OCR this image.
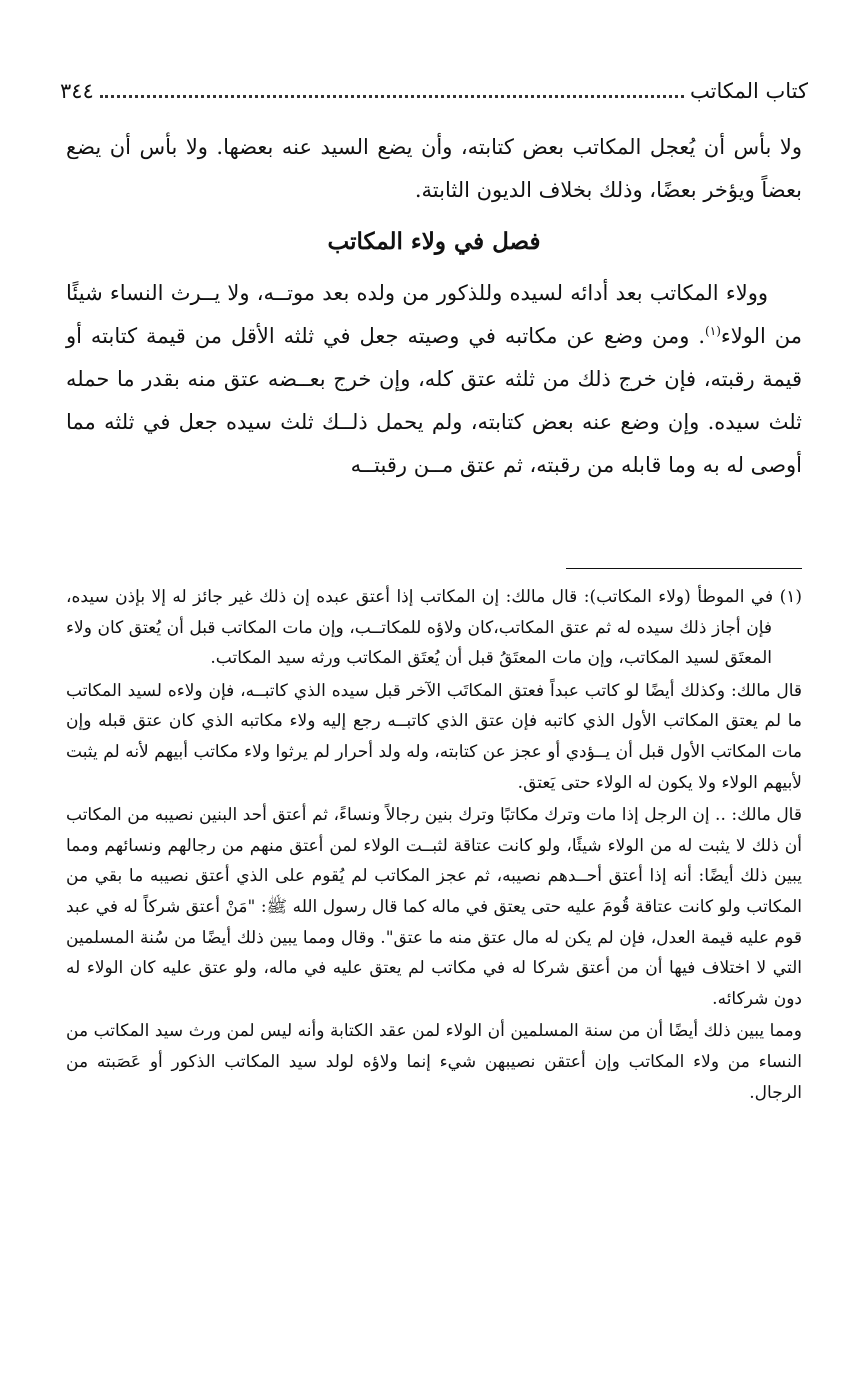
كتاب المكاتب
٣٤٤

ولا بأس أن يُعجل المكاتب بعض كتابته، وأن يضع السيد عنه بعضها. ولا بأس أن يضع بعضاً ويؤخر بعضًا، وذلك بخلاف الديون الثابتة.

فصل في ولاء المكاتب

وولاء المكاتب بعد أدائه لسيده وللذكور من ولده بعد موتــه، ولا يــرث النساء شيئًا من الولاء$^{(١)}$. ومن وضع عن مكاتبه في وصيته جعل في ثلثه الأقل من قيمة كتابته أو قيمة رقبته، فإن خرج ذلك من ثلثه عتق كله، وإن خرج بعــضه عتق منه بقدر ما حمله ثلث سيده. وإن وضع عنه بعض كتابته، ولم يحمل ذلــك ثلث سيده جعل في ثلثه مما أوصى له به وما قابله من رقبته، ثم عتق مــن رقبتــه

(١) في الموطأ (ولاء المكاتب): قال مالك: إن المكاتب إذا أعتق عبده إن ذلك غير جائز له إلا بإذن سيده، فإن أجاز ذلك سيده له ثم عتق المكاتب،كان ولاؤه للمكاتــب، وإن مات المكاتب قبل أن يُعتق كان ولاء المعتَق لسيد المكاتب، وإن مات المعتَقُ قبل أن يُعتَق المكاتب ورثه سيد المكاتب.

قال مالك: وكذلك أيضًا لو كاتب عبداً فعتق المكاتَب الآخر قبل سيده الذي كاتبــه، فإن ولاءه لسيد المكاتب ما لم يعتق المكاتب الأول الذي كاتبه فإن عتق الذي كاتبــه رجع إليه ولاء مكاتبه الذي كان عتق قبله وإن مات المكاتب الأول قبل أن يــؤدي أو عجز عن كتابته، وله ولد أحرار لم يرثوا ولاء مكاتب أبيهم لأنه لم يثبت لأبيهم الولاء ولا يكون له الولاء حتى يَعتق.

قال مالك: .. إن الرجل إذا مات وترك مكاتبًا وترك بنين رجالاً ونساءً، ثم أعتق أحد البنين نصيبه من المكاتب أن ذلك لا يثبت له من الولاء شيئًا، ولو كانت عتاقة لثبــت الولاء لمن أعتق منهم من رجالهم ونسائهم ومما يبين ذلك أيضًا: أنه إذا أعتق أحــدهم نصيبه، ثم عجز المكاتب لم يُقوم على الذي أعتق نصيبه ما بقي من المكاتب ولو كانت عتاقة قُومَ عليه حتى يعتق في ماله كما قال رسول الله ﷺ: "مَنْ أعتق شركاً له في عبد قوم عليه قيمة العدل، فإن لم يكن له مال عتق منه ما عتق". وقال ومما يبين ذلك أيضًا من سُنة المسلمين التي لا اختلاف فيها أن من أعتق شركا له في مكاتب لم يعتق عليه في ماله، ولو عتق عليه كان الولاء له دون شركائه.

ومما يبين ذلك أيضًا أن من سنة المسلمين أن الولاء لمن عقد الكتابة وأنه ليس لمن ورث سيد المكاتب من النساء من ولاء المكاتب وإن أعتقن نصيبهن شيء إنما ولاؤه لولد سيد المكاتب الذكور أو عَصَبته من الرجال.
